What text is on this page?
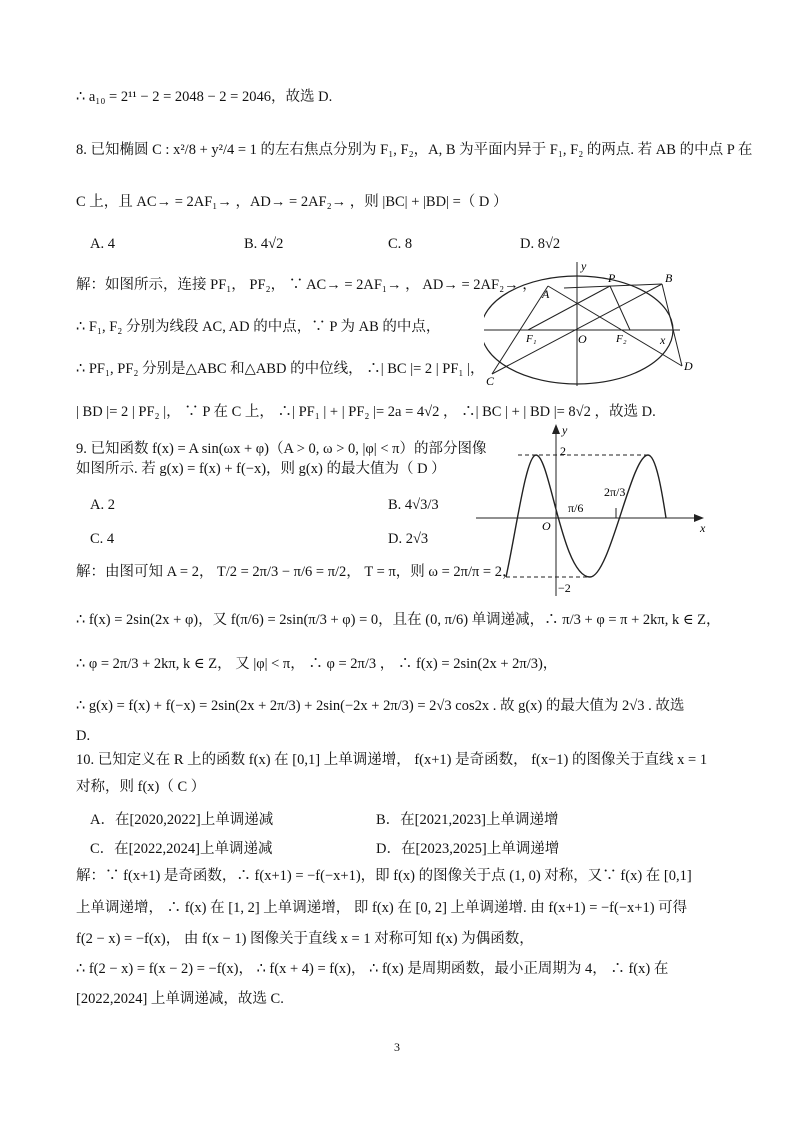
∴ a₁₀ = 2¹¹ − 2 = 2048 − 2 = 2046，故选 D.
8. 已知椭圆 C : x²/8 + y²/4 = 1 的左右焦点分别为 F₁, F₂，A, B 为平面内异于 F₁, F₂ 的两点. 若 AB 的中点 P 在
C 上，且 AC→ = 2AF₁→ ，AD→ = 2AF₂→ ，则 |BC| + |BD| =（ D ）
A. 4	B. 4√2	C. 8	D. 8√2
解：如图所示，连接 PF₁， PF₂， ∵ AC→ = 2AF₁→ ， AD→ = 2AF₂→ ，
∴ F₁, F₂ 分别为线段 AC, AD 的中点，∵ P 为 AB 的中点，
∴ PF₁, PF₂ 分别是△ABC 和△ABD 的中位线， ∴| BC |= 2 | PF₁ |，
| BD |= 2 | PF₂ |， ∵ P 在 C 上， ∴| PF₁ | + | PF₂ |= 2a = 4√2 ， ∴| BC | + | BD |= 8√2 ，故选 D.
y
P	B
A
O
F₁	F₂	x
D
C
9. 已知函数 f(x) = A sin(ωx + φ)（A > 0, ω > 0, |φ| < π）的部分图像
如图所示. 若 g(x) = f(x) + f(−x)，则 g(x) 的最大值为（ D ）
A. 2	B. 4√3/3
C. 4	D. 2√3
y
2
π/6
2π/3
O	x
−2
解：由图可知 A = 2， T/2 = 2π/3 − π/6 = π/2， T = π，则 ω = 2π/π = 2，
∴ f(x) = 2sin(2x + φ)，又 f(π/6) = 2sin(π/3 + φ) = 0，且在 (0, π/6) 单调递减，∴ π/3 + φ = π + 2kπ, k ∈ Z，
∴ φ = 2π/3 + 2kπ, k ∈ Z， 又 |φ| < π， ∴ φ = 2π/3 ， ∴ f(x) = 2sin(2x + 2π/3)，
∴ g(x) = f(x) + f(−x) = 2sin(2x + 2π/3) + 2sin(−2x + 2π/3) = 2√3 cos2x . 故 g(x) 的最大值为 2√3 . 故选
D.
10. 已知定义在 R 上的函数 f(x) 在 [0,1] 上单调递增， f(x+1) 是奇函数， f(x−1) 的图像关于直线 x = 1
对称，则 f(x)（ C ）
A．在[2020,2022]上单调递减	B．在[2021,2023]上单调递增
C．在[2022,2024]上单调递减	D．在[2023,2025]上单调递增
解：∵ f(x+1) 是奇函数，∴ f(x+1) = −f(−x+1)，即 f(x) 的图像关于点 (1, 0) 对称，又∵ f(x) 在 [0,1]
上单调递增， ∴ f(x) 在 [1, 2] 上单调递增， 即 f(x) 在 [0, 2] 上单调递增. 由 f(x+1) = −f(−x+1) 可得
f(2 − x) = −f(x)， 由 f(x − 1) 图像关于直线 x = 1 对称可知 f(x) 为偶函数，
∴ f(2 − x) = f(x − 2) = −f(x)， ∴ f(x + 4) = f(x)， ∴ f(x) 是周期函数，最小正周期为 4， ∴ f(x) 在
[2022,2024] 上单调递减，故选 C.
3
